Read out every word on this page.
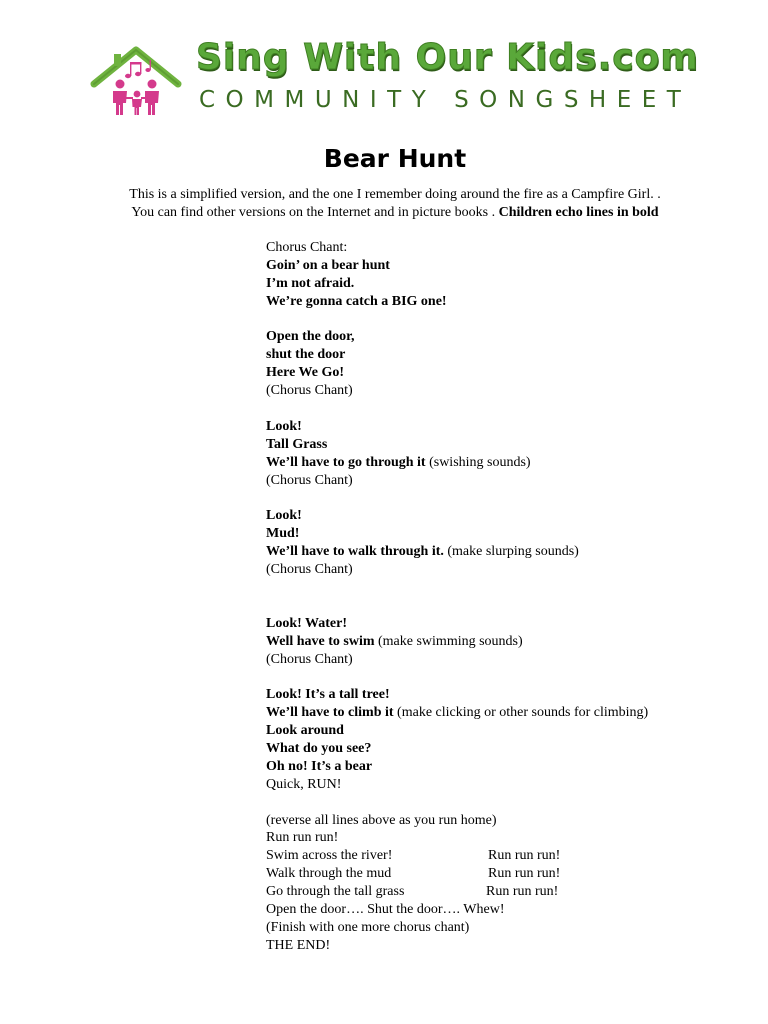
Sing With Our Kids.com
COMMUNITY SONGSHEET
Bear Hunt
This is a simplified version, and the one I remember doing around the fire as a Campfire Girl. .
You can find other versions on the Internet and in picture books . Children echo lines in bold
Chorus Chant:
Goin’ on a bear hunt
I’m not afraid.
We’re gonna catch a BIG one!
Open the door,
shut the door
Here We Go!
(Chorus Chant)
Look!
Tall Grass
We’ll have to go through it (swishing sounds)
(Chorus Chant)
Look!
Mud!
We’ll have to walk through it. (make slurping sounds)
(Chorus Chant)
Look! Water!
Well have to swim (make swimming sounds)
(Chorus Chant)
Look! It’s a tall tree!
We’ll have to climb it (make clicking or other sounds for climbing)
Look around
What do you see?
Oh no! It’s a bear
Quick, RUN!
(reverse all lines above as you run home)
Run run run!
Swim across the river!	Run run run!
Walk through the mud	Run run run!
Go through the tall grass	Run run run!
Open the door…. Shut the door…. Whew!
(Finish with one more chorus chant)
THE END!
